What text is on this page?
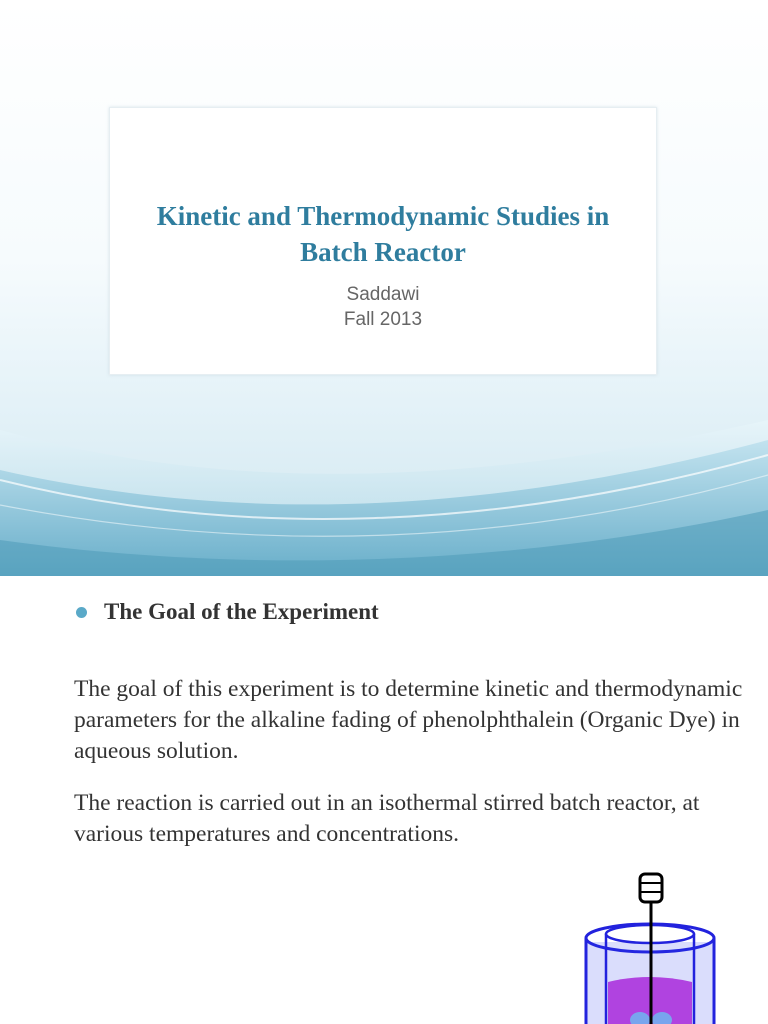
Kinetic and Thermodynamic Studies in
Batch Reactor
Saddawi
Fall 2013
The Goal of the Experiment

The goal of this experiment is to determine kinetic and thermodynamic parameters for the alkaline fading of phenolphthalein (Organic Dye) in aqueous solution.

The reaction is carried out in an isothermal stirred batch reactor, at various temperatures and concentrations.
